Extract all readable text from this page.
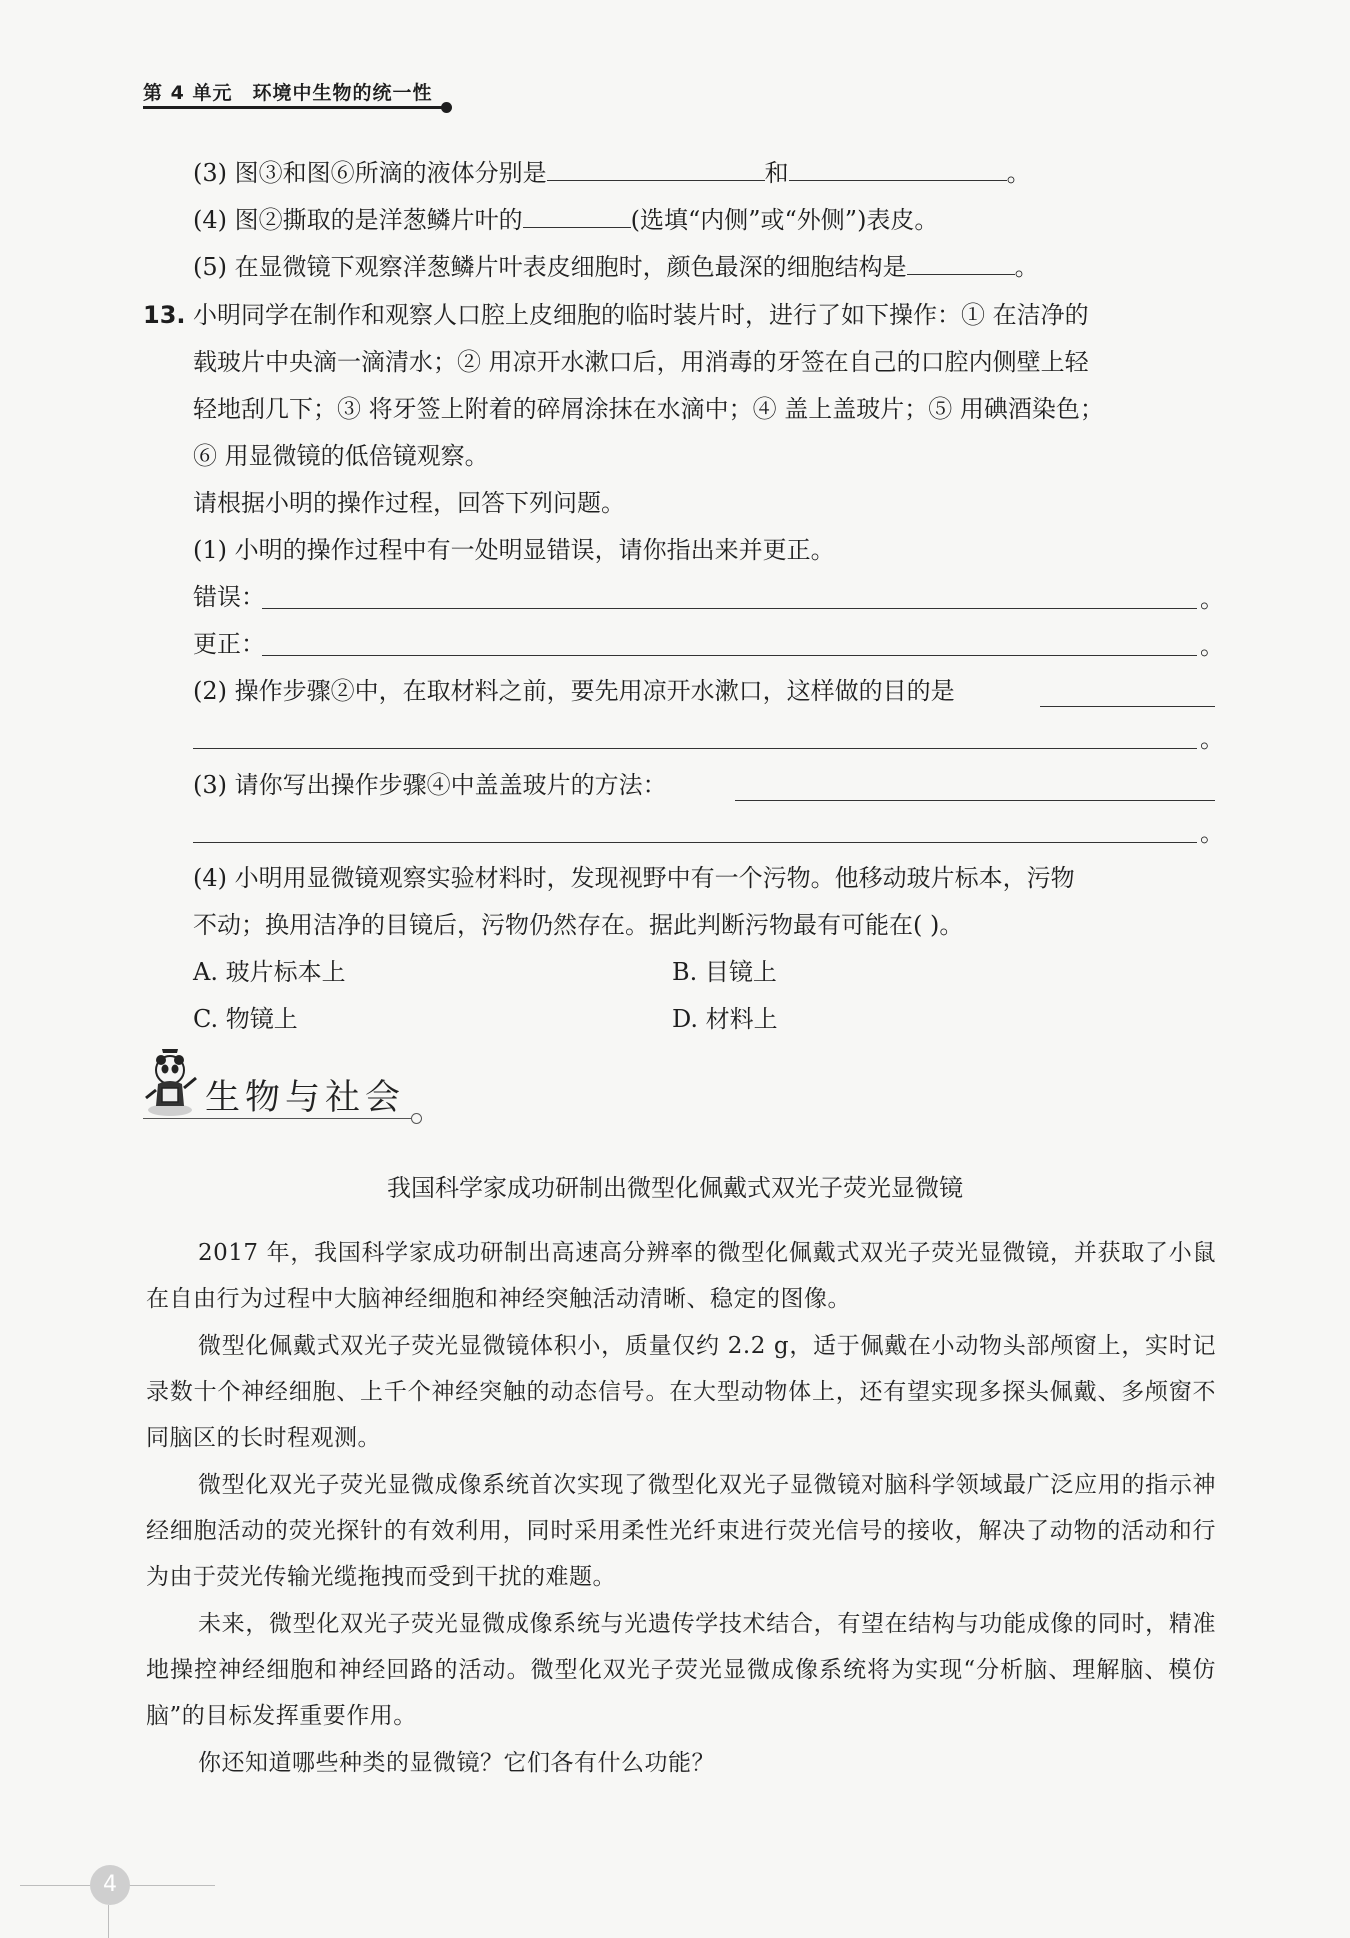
第 4 单元 环境中生物的统一性
(3) 图③和图⑥所滴的液体分别是	和	。
(4) 图②撕取的是洋葱鳞片叶的	(选填“内侧”或“外侧”)表皮。
(5) 在显微镜下观察洋葱鳞片叶表皮细胞时，颜色最深的细胞结构是	。
13. 小明同学在制作和观察人口腔上皮细胞的临时装片时，进行了如下操作：① 在洁净的
载玻片中央滴一滴清水；② 用凉开水漱口后，用消毒的牙签在自己的口腔内侧壁上轻
轻地刮几下；③ 将牙签上附着的碎屑涂抹在水滴中；④ 盖上盖玻片；⑤ 用碘酒染色；
⑥ 用显微镜的低倍镜观察。
请根据小明的操作过程，回答下列问题。
(1) 小明的操作过程中有一处明显错误，请你指出来并更正。
错误：	。
更正：	。
(2) 操作步骤②中，在取材料之前，要先用凉开水漱口，这样做的目的是
。
(3) 请你写出操作步骤④中盖盖玻片的方法：
。
(4) 小明用显微镜观察实验材料时，发现视野中有一个污物。他移动玻片标本，污物
不动；换用洁净的目镜后，污物仍然存在。据此判断污物最有可能在( )。
A. 玻片标本上	B. 目镜上
C. 物镜上	D. 材料上
生物与社会
我国科学家成功研制出微型化佩戴式双光子荧光显微镜
2017 年，我国科学家成功研制出高速高分辨率的微型化佩戴式双光子荧光显微镜，并获取了小鼠在自由行为过程中大脑神经细胞和神经突触活动清晰、稳定的图像。
微型化佩戴式双光子荧光显微镜体积小，质量仅约 2.2 g，适于佩戴在小动物头部颅窗上，实时记录数十个神经细胞、上千个神经突触的动态信号。在大型动物体上，还有望实现多探头佩戴、多颅窗不同脑区的长时程观测。
微型化双光子荧光显微成像系统首次实现了微型化双光子显微镜对脑科学领域最广泛应用的指示神经细胞活动的荧光探针的有效利用，同时采用柔性光纤束进行荧光信号的接收，解决了动物的活动和行为由于荧光传输光缆拖拽而受到干扰的难题。
未来，微型化双光子荧光显微成像系统与光遗传学技术结合，有望在结构与功能成像的同时，精准地操控神经细胞和神经回路的活动。微型化双光子荧光显微成像系统将为实现“分析脑、理解脑、模仿脑”的目标发挥重要作用。
你还知道哪些种类的显微镜？它们各有什么功能？
4
